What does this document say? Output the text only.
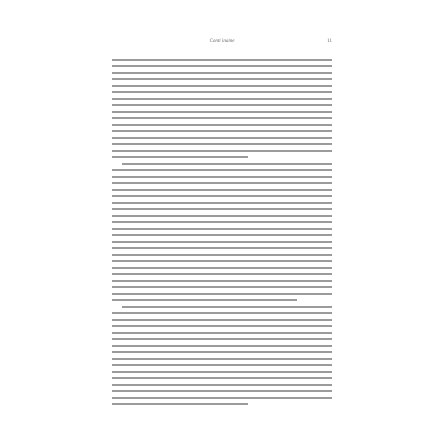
Conti inaine	11
